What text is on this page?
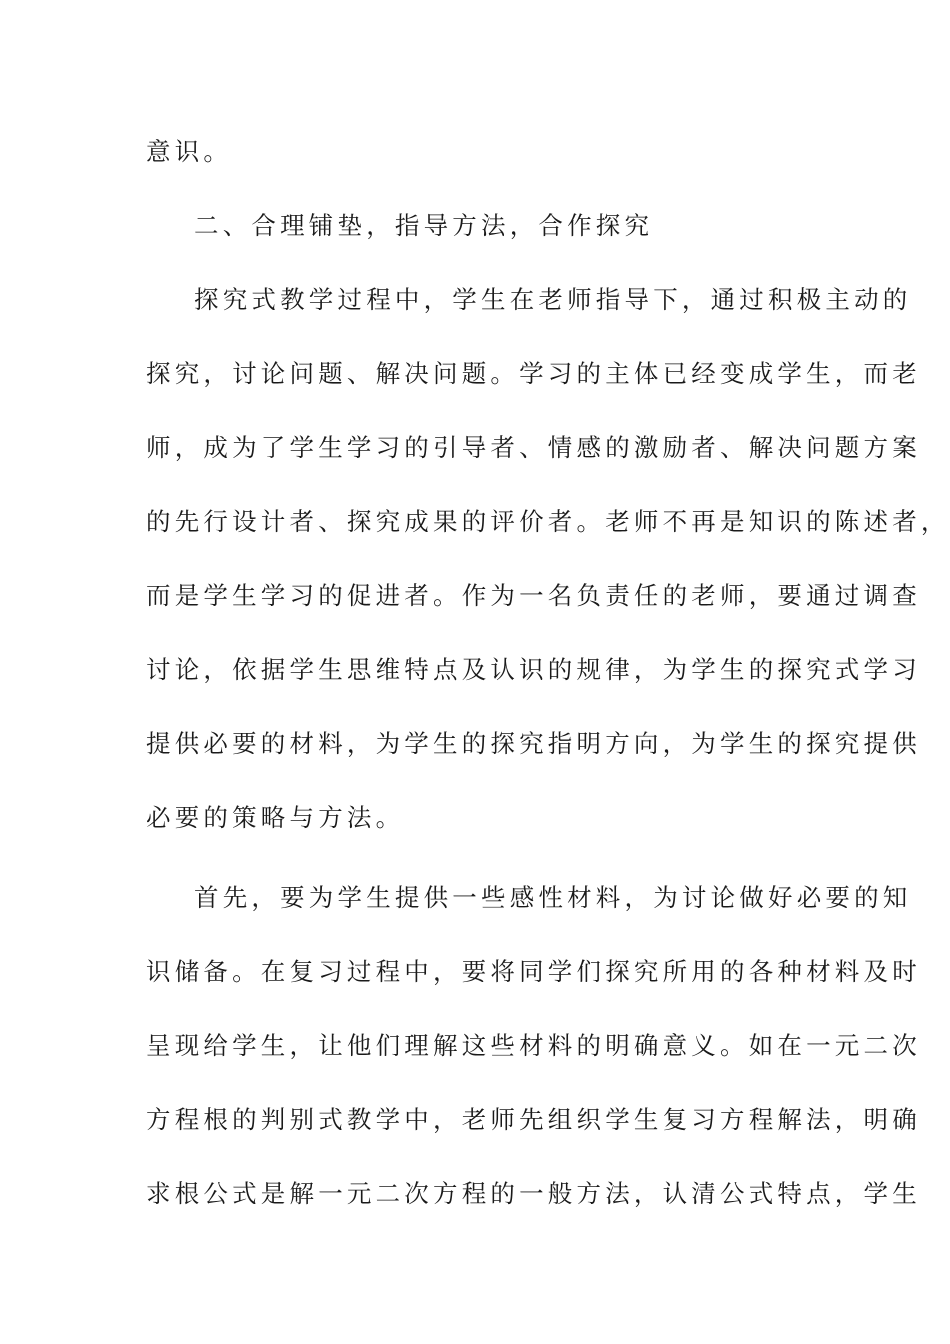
意识。
二、合理铺垫，指导方法，合作探究
探究式教学过程中，学生在老师指导下，通过积极主动的
探究，讨论问题、解决问题。学习的主体已经变成学生，而老
师，成为了学生学习的引导者、情感的激励者、解决问题方案
的先行设计者、探究成果的评价者。老师不再是知识的陈述者，
而是学生学习的促进者。作为一名负责任的老师，要通过调查
讨论，依据学生思维特点及认识的规律，为学生的探究式学习
提供必要的材料，为学生的探究指明方向，为学生的探究提供
必要的策略与方法。
首先，要为学生提供一些感性材料，为讨论做好必要的知
识储备。在复习过程中，要将同学们探究所用的各种材料及时
呈现给学生，让他们理解这些材料的明确意义。如在一元二次
方程根的判别式教学中，老师先组织学生复习方程解法，明确
求根公式是解一元二次方程的一般方法，认清公式特点，学生
